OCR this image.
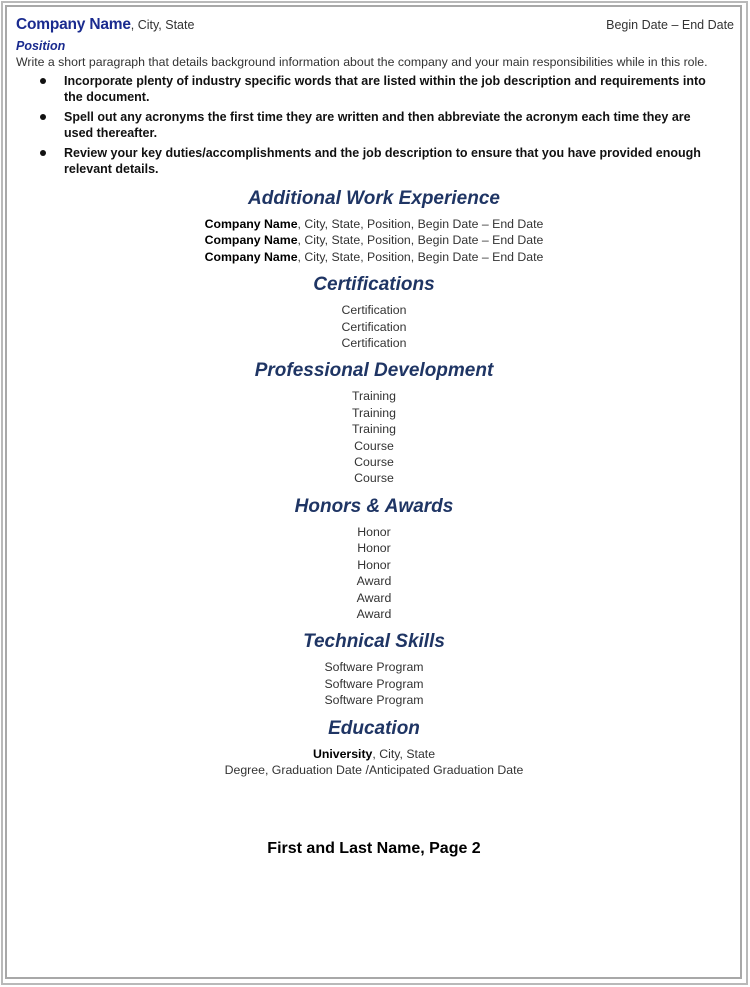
Company Name, City, State	Begin Date – End Date
Position
Write a short paragraph that details background information about the company and your main responsibilities while in this role.
Incorporate plenty of industry specific words that are listed within the job description and requirements into the document.
Spell out any acronyms the first time they are written and then abbreviate the acronym each time they are used thereafter.
Review your key duties/accomplishments and the job description to ensure that you have provided enough relevant details.
Additional Work Experience
Company Name, City, State, Position, Begin Date – End Date
Company Name, City, State, Position, Begin Date – End Date
Company Name, City, State, Position, Begin Date – End Date
Certifications
Certification
Certification
Certification
Professional Development
Training
Training
Training
Course
Course
Course
Honors & Awards
Honor
Honor
Honor
Award
Award
Award
Technical Skills
Software Program
Software Program
Software Program
Education
University, City, State
Degree, Graduation Date /Anticipated Graduation Date
First and Last Name, Page 2
